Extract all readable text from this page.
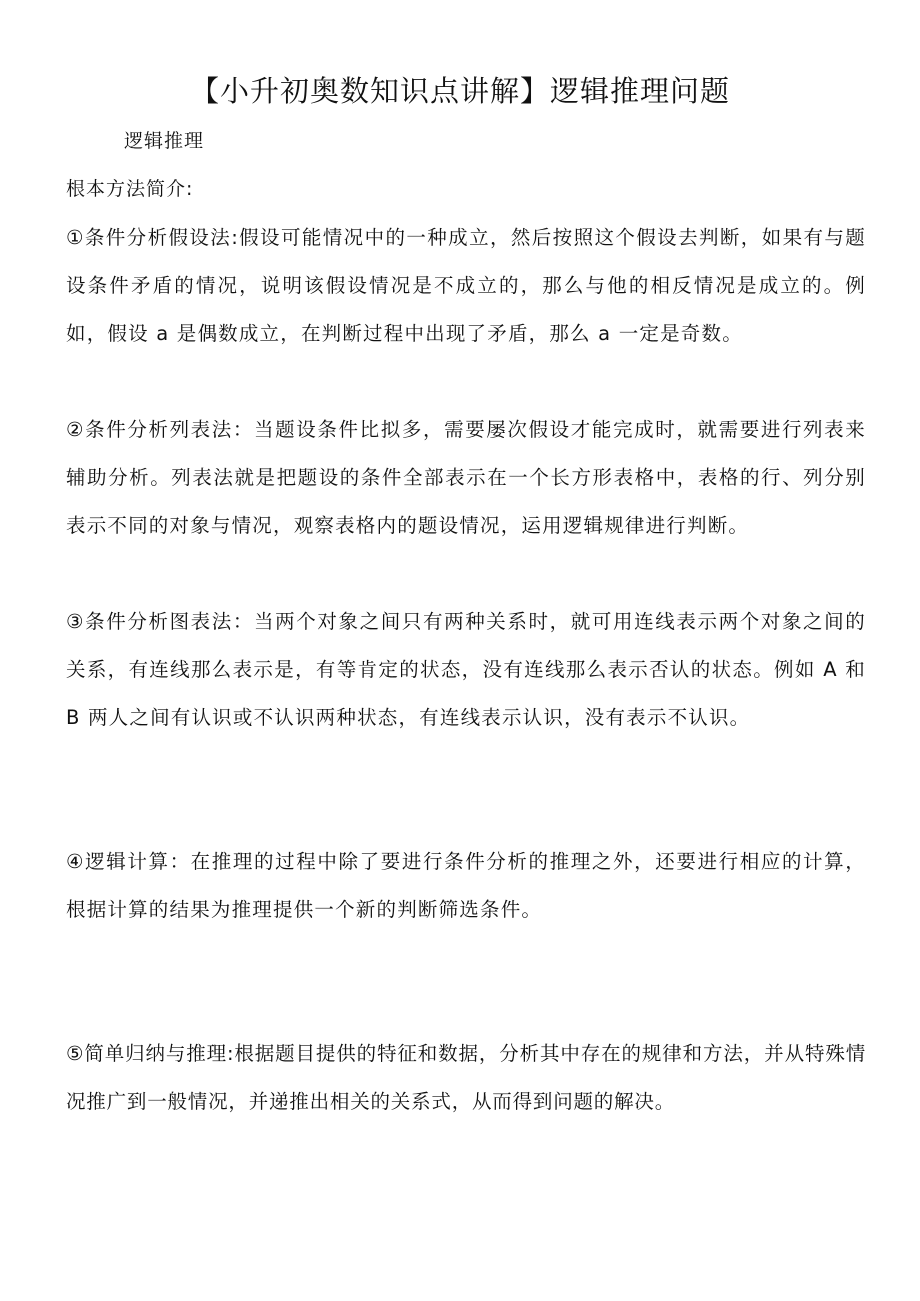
【小升初奥数知识点讲解】逻辑推理问题
逻辑推理
根本方法简介:
①条件分析假设法:假设可能情况中的一种成立，然后按照这个假设去判断，如果有与题设条件矛盾的情况，说明该假设情况是不成立的，那么与他的相反情况是成立的。例如，假设 a 是偶数成立，在判断过程中出现了矛盾，那么 a 一定是奇数。
②条件分析列表法：当题设条件比拟多，需要屡次假设才能完成时，就需要进行列表来辅助分析。列表法就是把题设的条件全部表示在一个长方形表格中，表格的行、列分别表示不同的对象与情况，观察表格内的题设情况，运用逻辑规律进行判断。
③条件分析图表法：当两个对象之间只有两种关系时，就可用连线表示两个对象之间的关系，有连线那么表示是，有等肯定的状态，没有连线那么表示否认的状态。例如 A 和 B 两人之间有认识或不认识两种状态，有连线表示认识，没有表示不认识。
④逻辑计算：在推理的过程中除了要进行条件分析的推理之外，还要进行相应的计算，根据计算的结果为推理提供一个新的判断筛选条件。
⑤简单归纳与推理:根据题目提供的特征和数据，分析其中存在的规律和方法，并从特殊情况推广到一般情况，并递推出相关的关系式，从而得到问题的解决。
